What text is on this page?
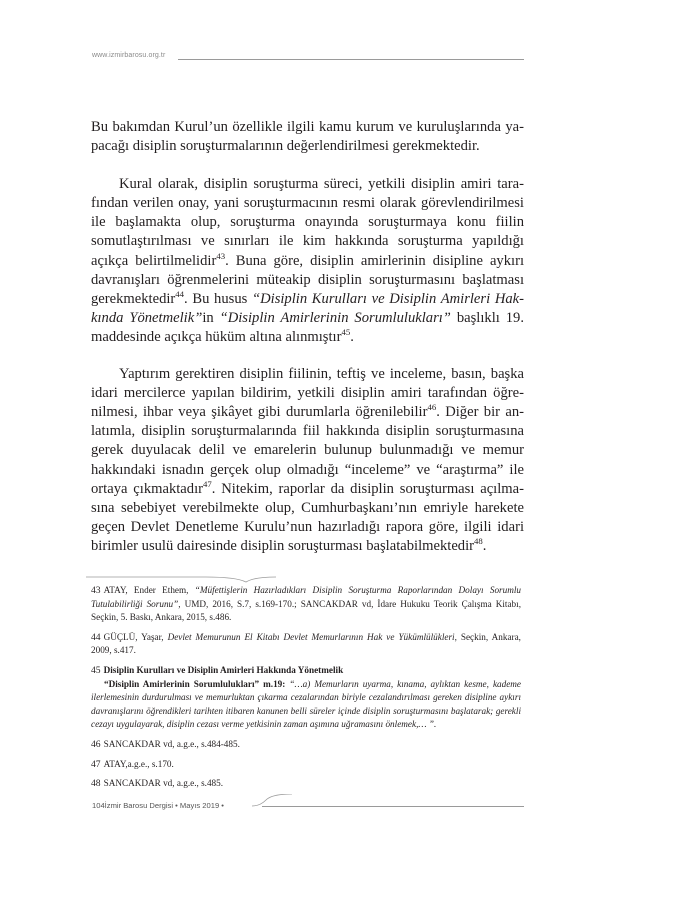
www.izmirbarosu.org.tr

Bu bakımdan Kurul’un özellikle ilgili kamu kurum ve kuruluşlarında yapacağı disiplin soruşturmalarının değerlendirilmesi gerekmektedir.

Kural olarak, disiplin soruşturma süreci, yetkili disiplin amiri tarafından verilen onay, yani soruşturmacının resmi olarak görevlendirilmesi ile başlamakta olup, soruşturma onayında soruşturmaya konu fiilin somutlaştırılması ve sınırları ile kim hakkında soruşturma yapıldığı açıkça belirtilmelidir$^{43}$. Buna göre, disiplin amirlerinin disipline aykırı davranışları öğrenmelerini müteakip disiplin soruşturmasını başlatması gerekmektedir$^{44}$. Bu husus “Disiplin Kurulları ve Disiplin Amirleri Hakkında Yönetmelik”in “Disiplin Amirlerinin Sorumlulukları” başlıklı 19. maddesinde açıkça hüküm altına alınmıştır$^{45}$.

Yaptırım gerektiren disiplin fiilinin, teftiş ve inceleme, basın, başka idari mercilerce yapılan bildirim, yetkili disiplin amiri tarafından öğrenilmesi, ihbar veya şikâyet gibi durumlarla öğrenilebilir$^{46}$. Diğer bir anlatımla, disiplin soruşturmalarında fiil hakkında disiplin soruşturmasına gerek duyulacak delil ve emarelerin bulunup bulunmadığı ve memur hakkındaki isnadın gerçek olup olmadığı “inceleme” ve “araştırma” ile ortaya çıkmaktadır$^{47}$. Nitekim, raporlar da disiplin soruşturması açılmasına sebebiyet verebilmekte olup, Cumhurbaşkanı’nın emriyle harekete geçen Devlet Denetleme Kurulu’nun hazırladığı rapora göre, ilgili idari birimler usulü dairesinde disiplin soruşturması başlatabilmektedir$^{48}$.

43 ATAY, Ender Ethem, “Müfettişlerin Hazırladıkları Disiplin Soruşturma Raporlarından Dolayı Sorumlu Tutulabilirliği Sorunu”, UMD, 2016, S.7, s.169-170.; SANCAKDAR vd, İdare Hukuku Teorik Çalışma Kitabı, Seçkin, 5. Baskı, Ankara, 2015, s.486.

44 GÜÇLÜ, Yaşar, Devlet Memurunun El Kitabı Devlet Memurlarının Hak ve Yükümlülükleri, Seçkin, Ankara, 2009, s.417.

45 Disiplin Kurulları ve Disiplin Amirleri Hakkında Yönetmelik
“Disiplin Amirlerinin Sorumlulukları” m.19: “…a) Memurların uyarma, kınama, aylıktan kesme, kademe ilerlemesinin durdurulması ve memurluktan çıkarma cezalarından biriyle cezalandırılması gereken disipline aykırı davranışlarını öğrendikleri tarihten itibaren kanunen belli süreler içinde disiplin soruşturmasını başlatarak; gerekli cezayı uygulayarak, disiplin cezası verme yetkisinin zaman aşımına uğramasını önlemek,… ”.

46 SANCAKDAR vd, a.g.e., s.484-485.

47 ATAY,a.g.e., s.170.

48 SANCAKDAR vd, a.g.e., s.485.

104İzmir Barosu Dergisi • Mayıs 2019 •
